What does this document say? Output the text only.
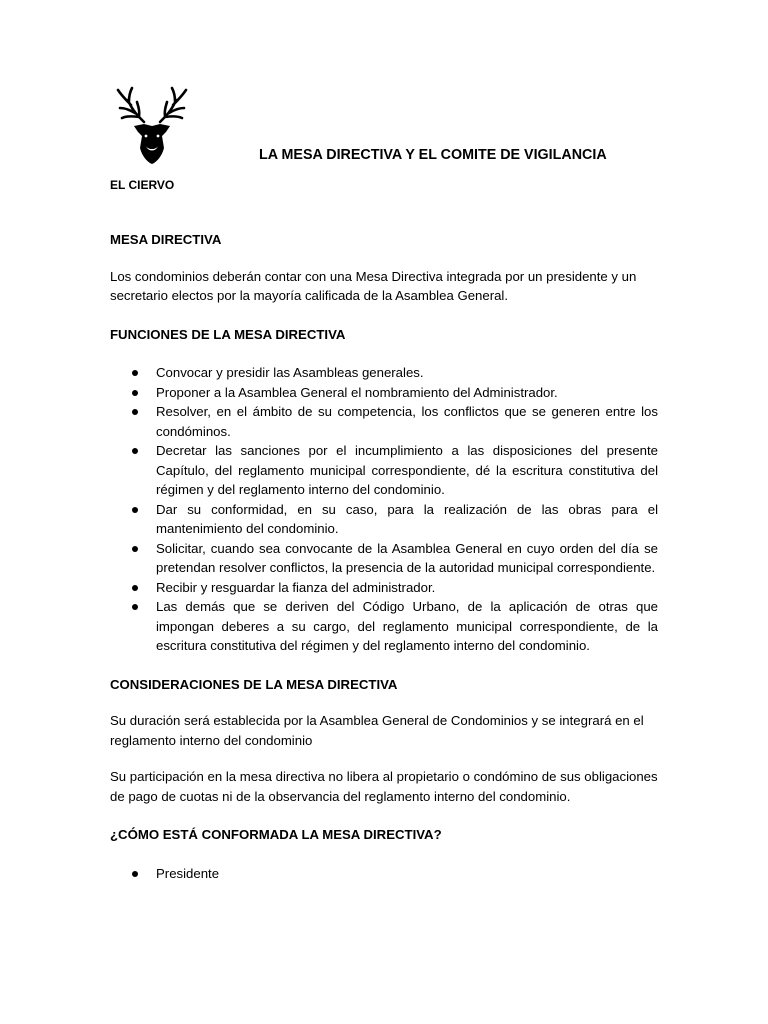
EL CIERVO
LA MESA DIRECTIVA Y EL COMITE DE VIGILANCIA

MESA DIRECTIVA

Los condominios deberán contar con una Mesa Directiva integrada por un presidente y un secretario electos por la mayoría calificada de la Asamblea General.

FUNCIONES DE LA MESA DIRECTIVA

Convocar y presidir las Asambleas generales.
Proponer a la Asamblea General el nombramiento del Administrador.
Resolver, en el ámbito de su competencia, los conflictos que se generen entre los condóminos.
Decretar las sanciones por el incumplimiento a las disposiciones del presente Capítulo, del reglamento municipal correspondiente, dé la escritura constitutiva del régimen y del reglamento interno del condominio.
Dar su conformidad, en su caso, para la realización de las obras para el mantenimiento del condominio.
Solicitar, cuando sea convocante de la Asamblea General en cuyo orden del día se pretendan resolver conflictos, la presencia de la autoridad municipal correspondiente.
Recibir y resguardar la fianza del administrador.
Las demás que se deriven del Código Urbano, de la aplicación de otras que impongan deberes a su cargo, del reglamento municipal correspondiente, de la escritura constitutiva del régimen y del reglamento interno del condominio.

CONSIDERACIONES DE LA MESA DIRECTIVA

Su duración será establecida por la Asamblea General de Condominios y se integrará en el reglamento interno del condominio

Su participación en la mesa directiva no libera al propietario o condómino de sus obligaciones de pago de cuotas ni de la observancia del reglamento interno del condominio.

¿CÓMO ESTÁ CONFORMADA LA MESA DIRECTIVA?

Presidente
